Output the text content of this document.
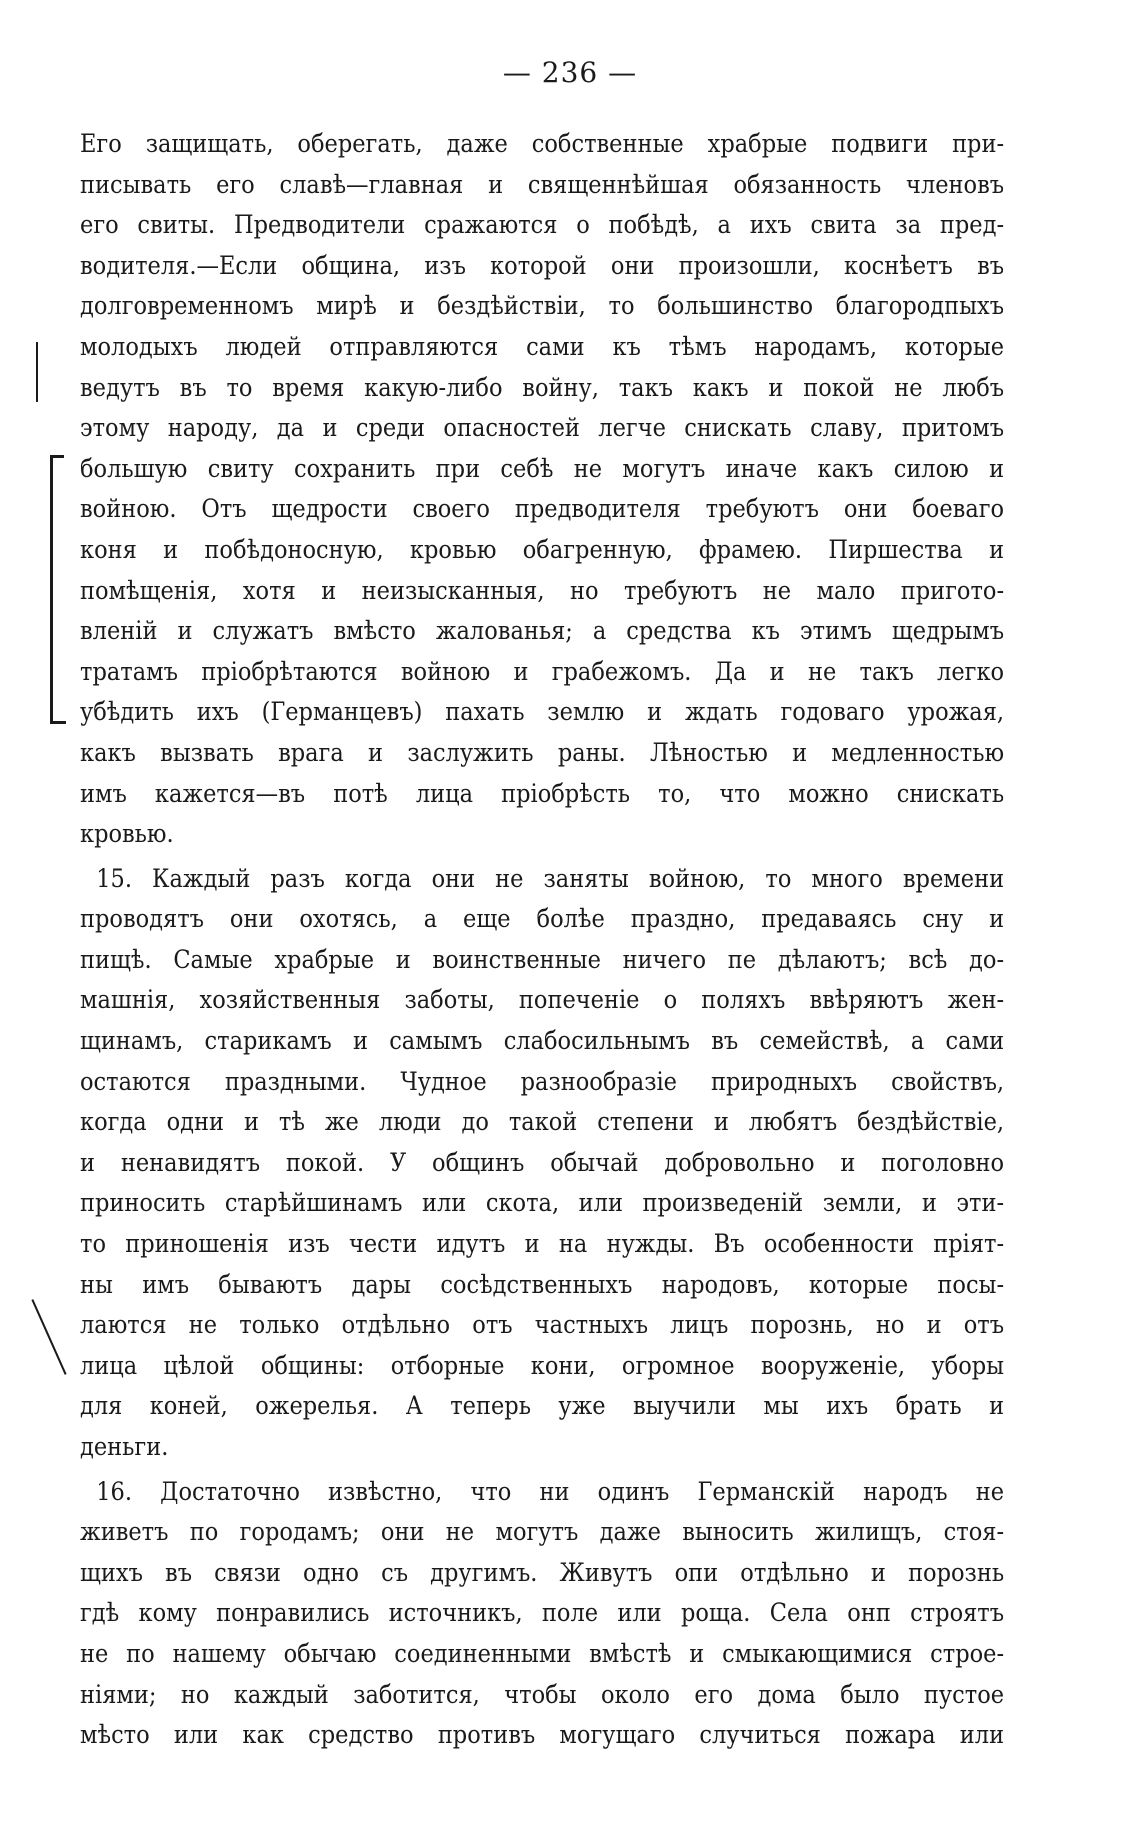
— 236 —
Его защищать, оберегать, даже собственные храбрые подвиги при-
писывать его славѣ—главная и священнѣйшая обязанность членовъ
его свиты. Предводители сражаются о побѣдѣ, а ихъ свита за пред-
водителя.—Если община, изъ которой они произошли, коснѣетъ въ
долговременномъ мирѣ и бездѣйствіи, то большинство благородпыхъ
молодыхъ людей отправляются сами къ тѣмъ народамъ, которые
ведутъ въ то время какую-либо войну, такъ какъ и покой не любъ
этому народу, да и среди опасностей легче снискать славу, притомъ
большую свиту сохранить при себѣ не могутъ иначе какъ силою и
войною. Отъ щедрости своего предводителя требуютъ они боеваго
коня и побѣдоносную, кровью обагренную, фрамею. Пиршества и
помѣщенія, хотя и неизысканныя, но требуютъ не мало пригото-
вленій и служатъ вмѣсто жалованья; а средства къ этимъ щедрымъ
тратамъ пріобрѣтаются войною и грабежомъ. Да и не такъ легко
убѣдить ихъ (Германцевъ) пахать землю и ждать годоваго урожая,
какъ вызвать врага и заслужить раны. Лѣностью и медленностью
имъ кажется—въ потѣ лица пріобрѣсть то, что можно снискать
кровью.
15. Каждый разъ когда они не заняты войною, то много времени
проводятъ они охотясь, а еще болѣе праздно, предаваясь сну и
пищѣ. Самые храбрые и воинственные ничего пе дѣлаютъ; всѣ до-
машнія, хозяйственныя заботы, попеченіе о поляхъ ввѣряютъ жен-
щинамъ, старикамъ и самымъ слабосильнымъ въ семействѣ, а сами
остаются праздными. Чудное разнообразіе природныхъ свойствъ,
когда одни и тѣ же люди до такой степени и любятъ бездѣйствіе,
и ненавидятъ покой. У общинъ обычай добровольно и поголовно
приносить старѣйшинамъ или скота, или произведеній земли, и эти-
то приношенія изъ чести идутъ и на нужды. Въ особенности пріят-
ны имъ бываютъ дары сосѣдственныхъ народовъ, которые посы-
лаются не только отдѣльно отъ частныхъ лицъ порознь, но и отъ
лица цѣлой общины: отборные кони, огромное вооруженіе, уборы
для коней, ожерелья. А теперь уже выучили мы ихъ брать и
деньги.
16. Достаточно извѣстно, что ни одинъ Германскій народъ не
живетъ по городамъ; они не могутъ даже выносить жилищъ, стоя-
щихъ въ связи одно съ другимъ. Живутъ опи отдѣльно и порознь
гдѣ кому понравились источникъ, поле или роща. Села онп строятъ
не по нашему обычаю соединенными вмѣстѣ и смыкающимися строе-
ніями; но каждый заботится, чтобы около его дома было пустое
мѣсто или как средство противъ могущаго случиться пожара или
